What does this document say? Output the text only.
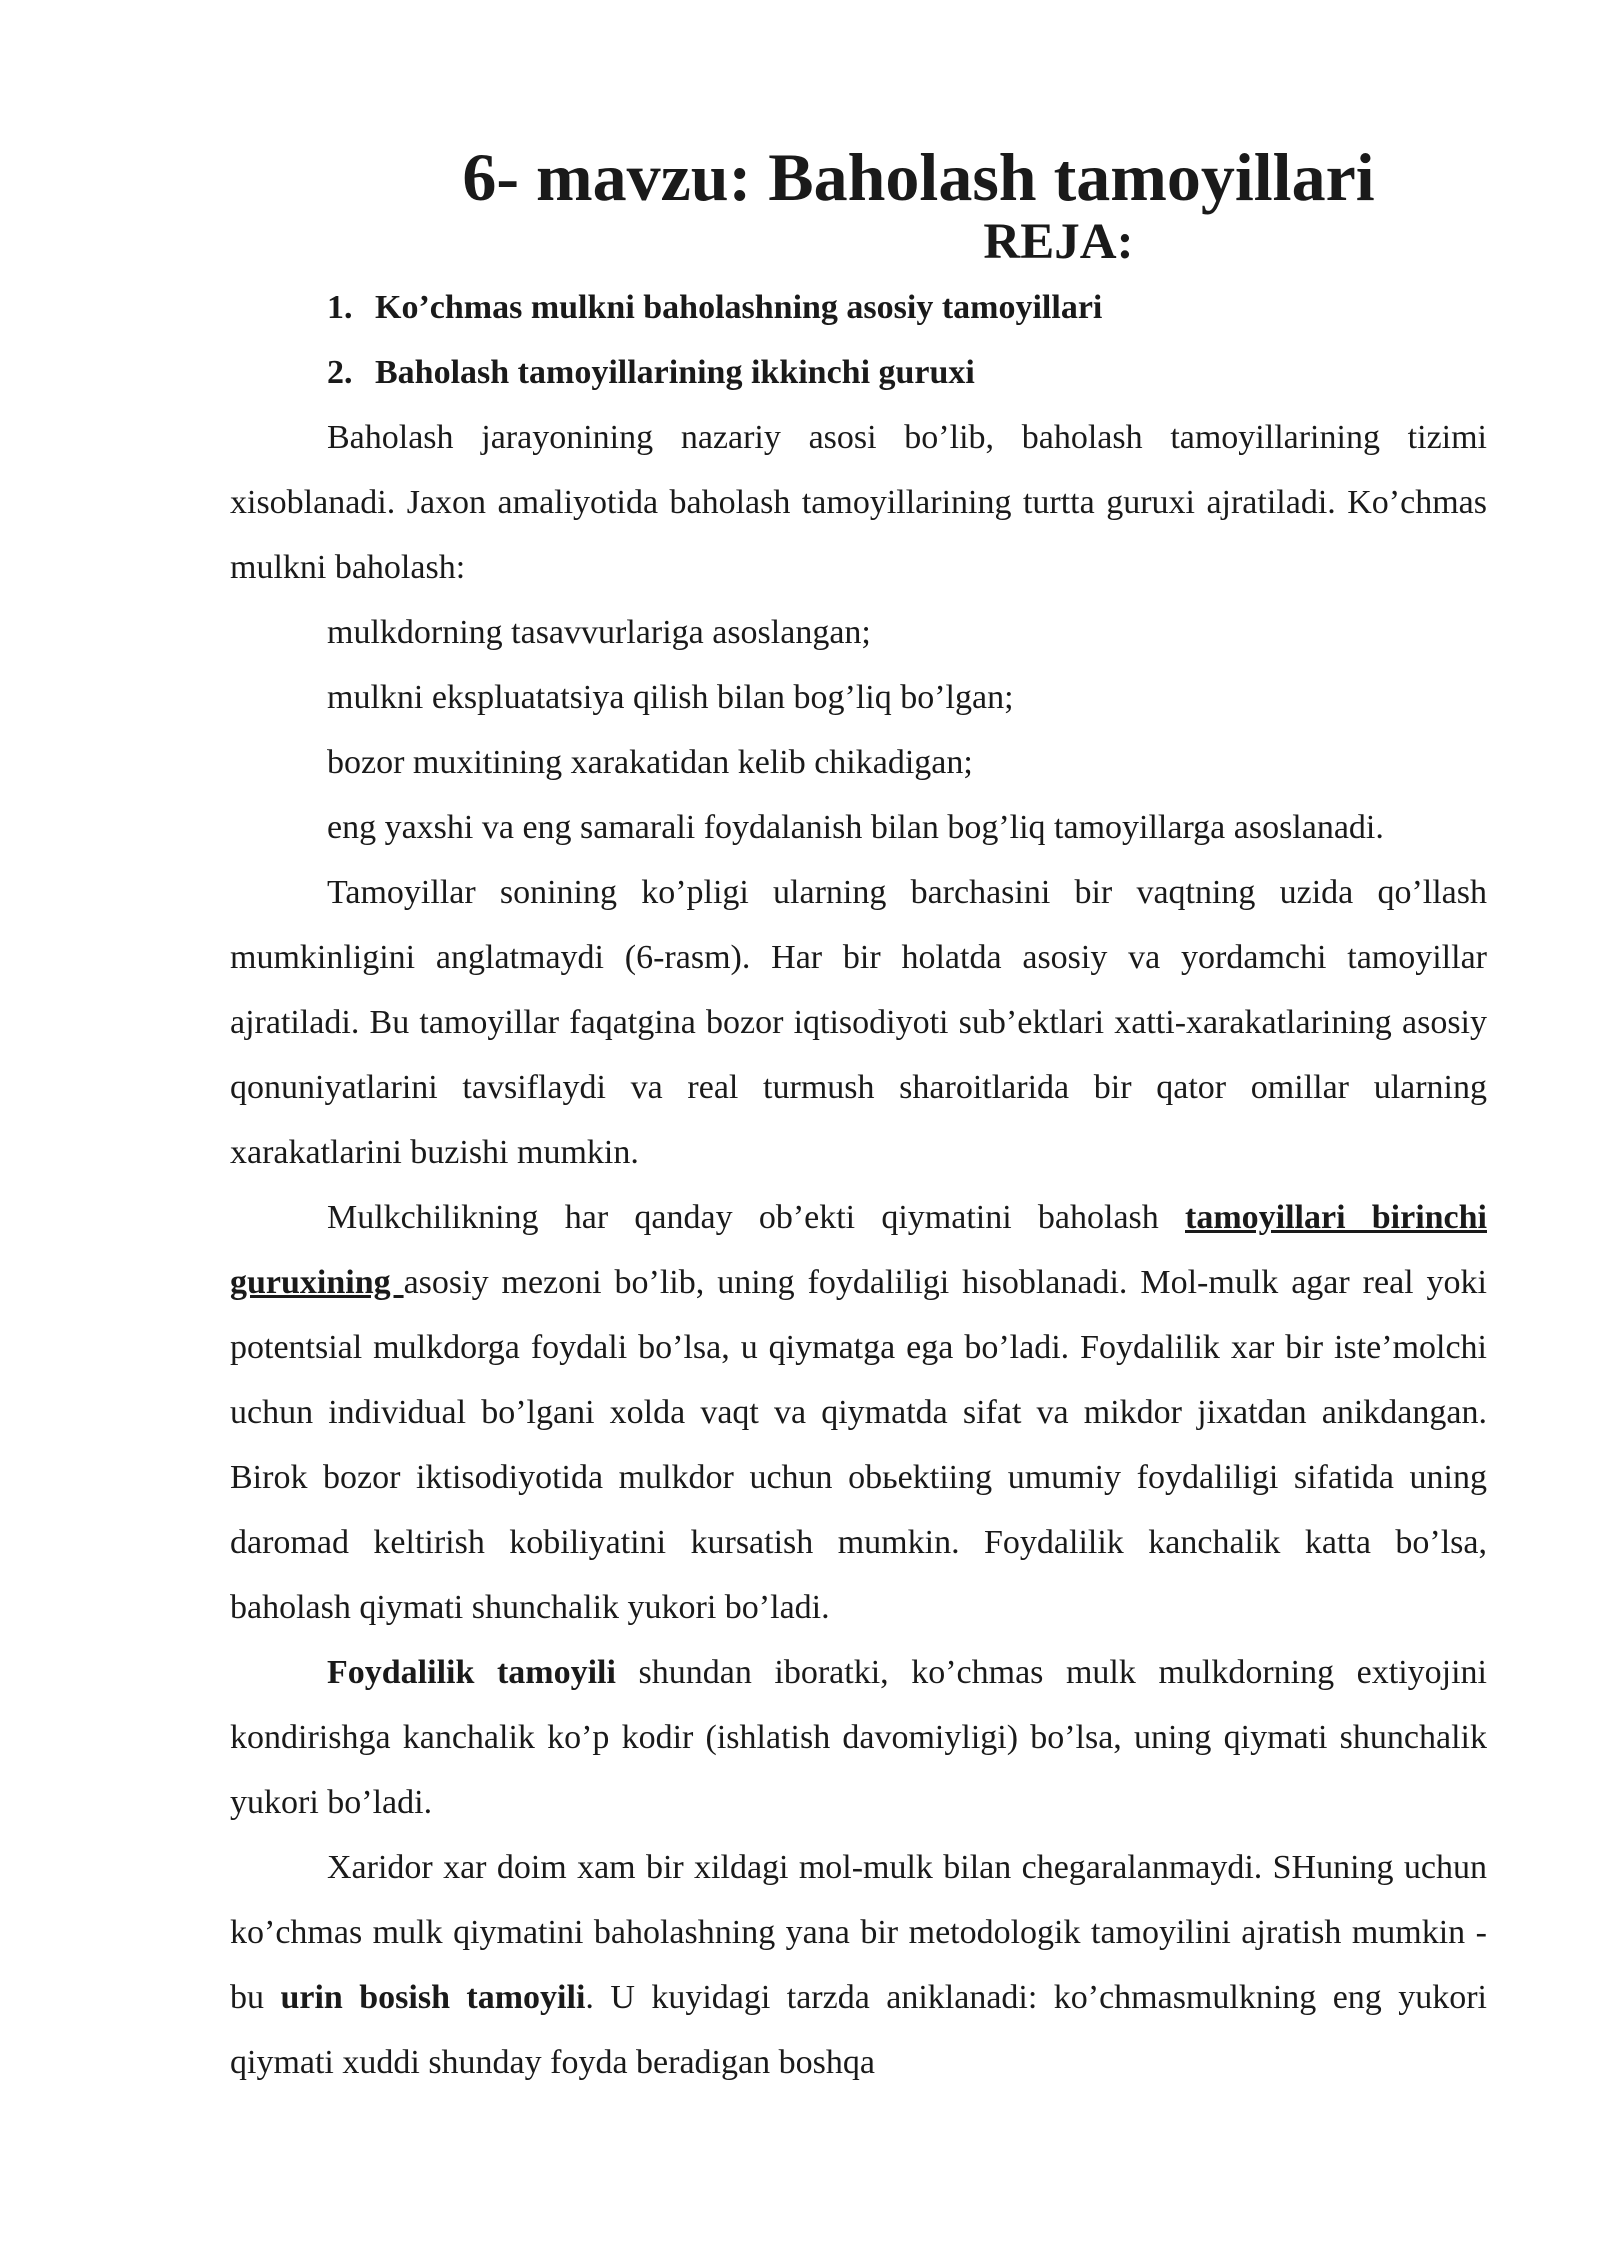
6- mavzu: Baholash tamoyillari
REJA:
1. Ko’chmas mulkni baholashning asosiy tamoyillari
2. Baholash tamoyillarining ikkinchi guruxi

Baholash jarayonining nazariy asosi bo’lib, baholash tamoyillarining tizimi xisoblanadi. Jaxon amaliyotida baholash tamoyillarining turtta guruxi ajratiladi. Ko’chmas mulkni baholash:

mulkdorning tasavvurlariga asoslangan;

mulkni ekspluatatsiya qilish bilan bog’liq bo’lgan;

bozor muxitining xarakatidan kelib chikadigan;

eng yaxshi va eng samarali foydalanish bilan bog’liq tamoyillarga asoslanadi.

Tamoyillar sonining ko’pligi ularning barchasini bir vaqtning uzida qo’llash mumkinligini anglatmaydi (6-rasm). Har bir holatda asosiy va yordamchi tamoyillar ajratiladi. Bu tamoyillar faqatgina bozor iqtisodiyoti sub’ektlari xatti-xarakatlarining asosiy qonuniyatlarini tavsiflaydi va real turmush sharoitlarida bir qator omillar ularning xarakatlarini buzishi mumkin.

Mulkchilikning har qanday ob’ekti qiymatini baholash tamoyillari birinchi guruxining asosiy mezoni bo’lib, uning foydaliligi hisoblanadi. Mol-mulk agar real yoki potentsial mulkdorga foydali bo’lsa, u qiymatga ega bo’ladi. Foydalilik xar bir iste’molchi uchun individual bo’lgani xolda vaqt va qiymatda sifat va mikdor jixatdan anikdangan. Birok bozor iktisodiyotida mulkdor uchun obьektiing umumiy foydaliligi sifatida uning daromad keltirish kobiliyatini kursatish mumkin. Foydalilik kanchalik katta bo’lsa, baholash qiymati shunchalik yukori bo’ladi.

Foydalilik tamoyili shundan iboratki, ko’chmas mulk mulkdorning extiyojini kondirishga kanchalik ko’p kodir (ishlatish davomiyligi) bo’lsa, uning qiymati shunchalik yukori bo’ladi.

Xaridor xar doim xam bir xildagi mol-mulk bilan chegaralanmaydi. SHuning uchun ko’chmas mulk qiymatini baholashning yana bir metodologik tamoyilini ajratish mumkin - bu urin bosish tamoyili. U kuyidagi tarzda aniklanadi: ko’chmasmulkning eng yukori qiymati xuddi shunday foyda beradigan boshqa
